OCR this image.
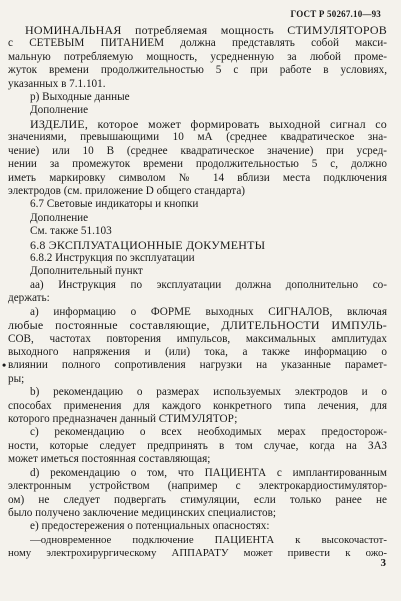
ГОСТ Р 50267.10—93
НОМИНАЛЬНАЯ потребляемая мощность СТИМУЛЯТОРОВ
с СЕТЕВЫМ ПИТАНИЕМ должна представлять собой макси-
мальную потребляемую мощность, усредненную за любой проме-
жуток времени продолжительностью 5 с при работе в условиях,
указанных в 7.1.101.
р) Выходные данные
Дополнение
ИЗДЕЛИЕ, которое может формировать выходной сигнал со
значениями, превышающими 10 мА (среднее квадратическое зна-
чение) или 10 В (среднее квадратическое значение) при усред-
нении за промежуток времени продолжительностью 5 с, должно
иметь маркировку символом № 14 вблизи места подключения
электродов (см. приложение D общего стандарта)
6.7 Световые индикаторы и кнопки
Дополнение
См. также 51.103
6.8 ЭКСПЛУАТАЦИОННЫЕ ДОКУМЕНТЫ
6.8.2 Инструкция по эксплуатации
Дополнительный пункт
аа) Инструкция по эксплуатации должна дополнительно со-
держать:
а) информацию о ФОРМЕ выходных СИГНАЛОВ, включая
любые постоянные составляющие, ДЛИТЕЛЬНОСТИ ИМПУЛЬ-
СОВ, частотах повторения импульсов, максимальных амплитудах
выходного напряжения и (или) тока, а также информацию о
влиянии полного сопротивления нагрузки на указанные парамет-
•
ры;
b) рекомендацию о размерах используемых электродов и о
способах применения для каждого конкретного типа лечения, для
которого предназначен данный СТИМУЛЯТОР;
с) рекомендацию о всех необходимых мерах предосторож-
ности, которые следует предпринять в том случае, когда на ЗАЗ
может иметься постоянная составляющая;
d) рекомендацию о том, что ПАЦИЕНТА с имплантированным
электронным устройством (например с электрокардиостимулятор-
ом) не следует подвергать стимуляции, если только ранее не
было получено заключение медицинских специалистов;
е) предостережения о потенциальных опасностях:
—одновременное подключение ПАЦИЕНТА к высокочастот-
ному электрохирургическому АППАРАТУ может привести к ожо-
3
